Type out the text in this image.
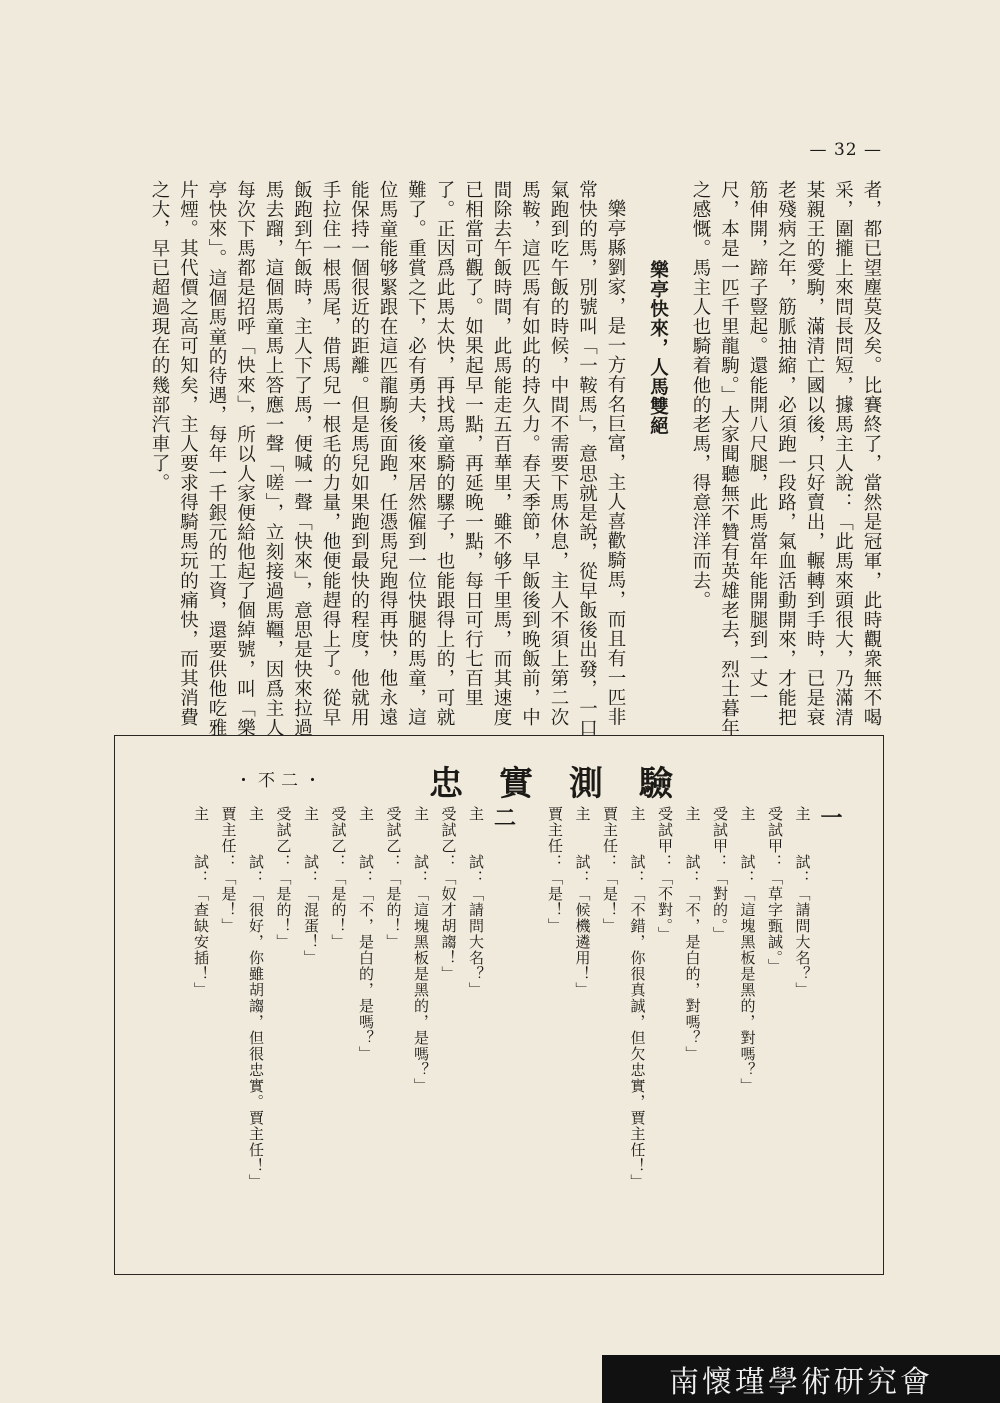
— 32 —

者，都已望塵莫及矣。比賽終了，當然是冠軍，此時觀衆無不喝采，圍攏上來問長問短，據馬主人說：「此馬來頭很大，乃滿清某親王的愛駒，滿清亡國以後，只好賣出，輾轉到手時，已是衰老殘病之年，筋脈抽縮，必須跑一段路，氣血活動開來，才能把筋伸開，蹄子豎起。還能開八尺腿，此馬當年能開腿到一丈一尺，本是一匹千里龍駒。」大家聞聽無不贊有英雄老去，烈士暮年之感慨。馬主人也騎着他的老馬，得意洋洋而去。

樂亭快來，人馬雙絕

樂亭縣劉家，是一方有名巨富，主人喜歡騎馬，而且有一匹非常快的馬，別號叫「一鞍馬」，意思就是說，從早飯後出發，一口氣跑到吃午飯的時候，中間不需要下馬休息，主人不須上第二次馬鞍，這匹馬有如此的持久力。春天季節，早飯後到晚飯前，中間除去午飯時間，此馬能走五百華里，雖不够千里馬，而其速度已相當可觀了。如果起早一點，再延晚一點，每日可行七百里了。正因爲此馬太快，再找馬童騎的騾子，也能跟得上的，可就難了。重賞之下，必有勇夫，後來居然僱到一位快腿的馬童，這位馬童能够緊跟在這匹龍駒後面跑，任憑馬兒跑得再快，他永遠能保持一個很近的距離。但是馬兒如果跑到最快的程度，他就用手拉住一根馬尾，借馬兒一根毛的力量，他便能趕得上了。從早飯跑到午飯時，主人下了馬，便喊一聲「快來」，意思是快來拉過馬去蹓，這個馬童馬上答應一聲「嗟」，立刻接過馬韁，因爲主人每次下馬都是招呼「快來」，所以人家便給他起了個綽號，叫「樂亭快來」。這個馬童的待遇，每年一千銀元的工資，還要供他吃雅片煙。其代價之高可知矣，主人要求得騎馬玩的痛快，而其消費之大，早已超過現在的幾部汽車了。

忠實測驗
・不二・
一
主　　試：「請問大名？」
受試甲：「草字甄誠。」
主　　試：「這塊黑板是黑的，對嗎？」
受試甲：「對的。」
主　　試：「不，是白的，對嗎？」
受試甲：「不對。」
主　　試：「不錯，你很真誠，但欠忠實，賈主任！」
賈主任：「是！」
主　　試：「候機遴用！」
賈主任：「是！」
二
主　　試：「請問大名？」
受試乙：「奴才胡謅！」
主　　試：「這塊黑板是黑的，是嗎？」
受試乙：「是的！」
主　　試：「不，是白的，是嗎？」
受試乙：「是的！」
主　　試：「混蛋！」
受試乙：「是的！」
主　　試：「很好，你雖胡謅，但很忠實。賈主任！」
賈主任：「是！」
主　　試：「查缺安插！」
南懷瑾學術研究會
